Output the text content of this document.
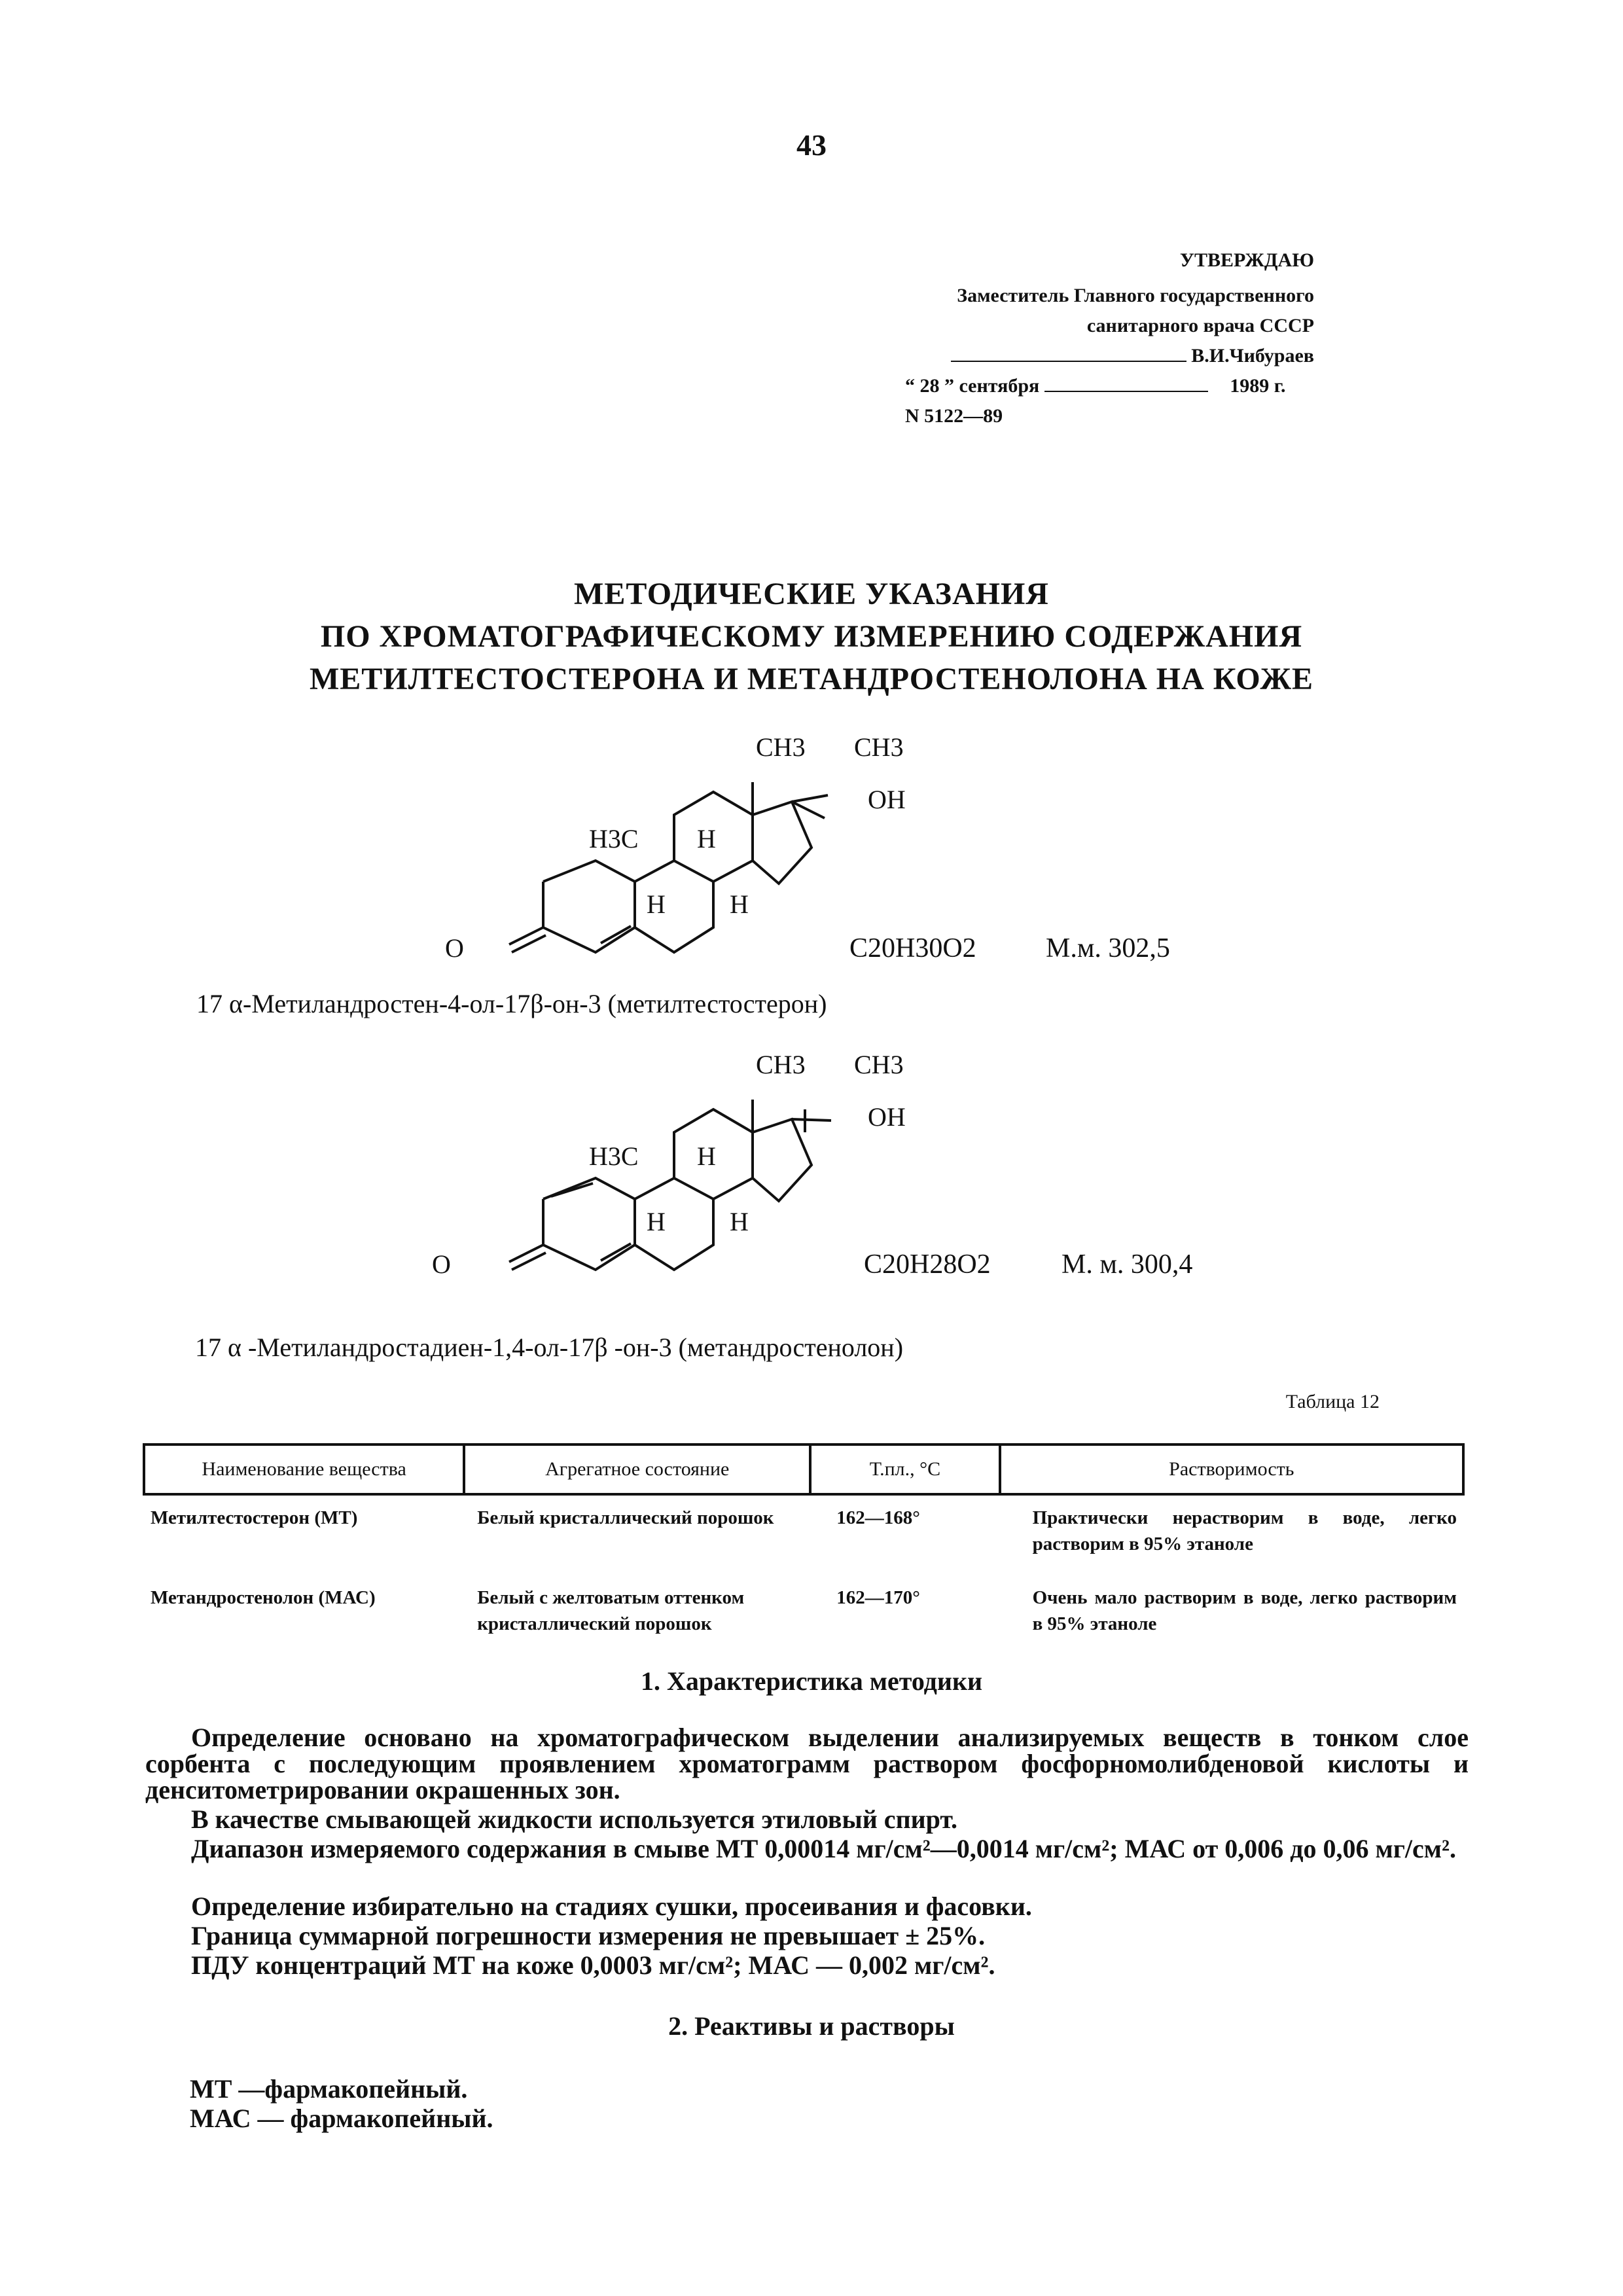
43
УТВЕРЖДАЮ
Заместитель Главного государственного
санитарного врача СССР
В.И.Чибураев
“ 28 ” сентября	1989 г.
N 5122—89
МЕТОДИЧЕСКИЕ УКАЗАНИЯ
ПО ХРОМАТОГРАФИЧЕСКОМУ ИЗМЕРЕНИЮ СОДЕРЖАНИЯ
МЕТИЛТЕСТОСТЕРОНА И МЕТАНДРОСТЕНОЛОНА НА КОЖЕ
CH3 CH3
OH
H3C H
H H
O	C20H30O2	М.м. 302,5
17 α-Метиландростен-4-ол-17β-он-3 (метилтестостерон)
CH3 CH3
OH
H3C H
H H
O	C20H28O2	М. м. 300,4
17 α -Метиландростадиен-1,4-ол-17β -он-3 (метандростенолон)
Таблица 12
Наименование вещества	Агрегатное состояние	Т.пл., °С	Растворимость
Метилтестостерон (МТ)	Белый кристаллический порошок	162—168°	Практически нерастворим в воде, легко растворим в 95% этаноле
Метандростенолон (МАС)	Белый с желтоватым оттенком кристаллический порошок	162—170°	Очень мало растворим в воде, легко растворим в 95% этаноле
1. Характеристика методики
Определение основано на хроматографическом выделении анализируемых веществ в тонком слое сорбента с последующим проявлением хроматограмм раствором фосфорномолибденовой кислоты и денситометрировании окрашенных зон.
В качестве смывающей жидкости используется этиловый спирт.
Диапазон измеряемого содержания в смыве МТ 0,00014 мг/см²—0,0014 мг/см²; МАС от 0,006 до 0,06 мг/см².
Определение избирательно на стадиях сушки, просеивания и фасовки.
Граница суммарной погрешности измерения не превышает ± 25%.
ПДУ концентраций МТ на коже 0,0003 мг/см²; МАС — 0,002 мг/см².
2. Реактивы и растворы
МТ —фармакопейный.
МАС — фармакопейный.
